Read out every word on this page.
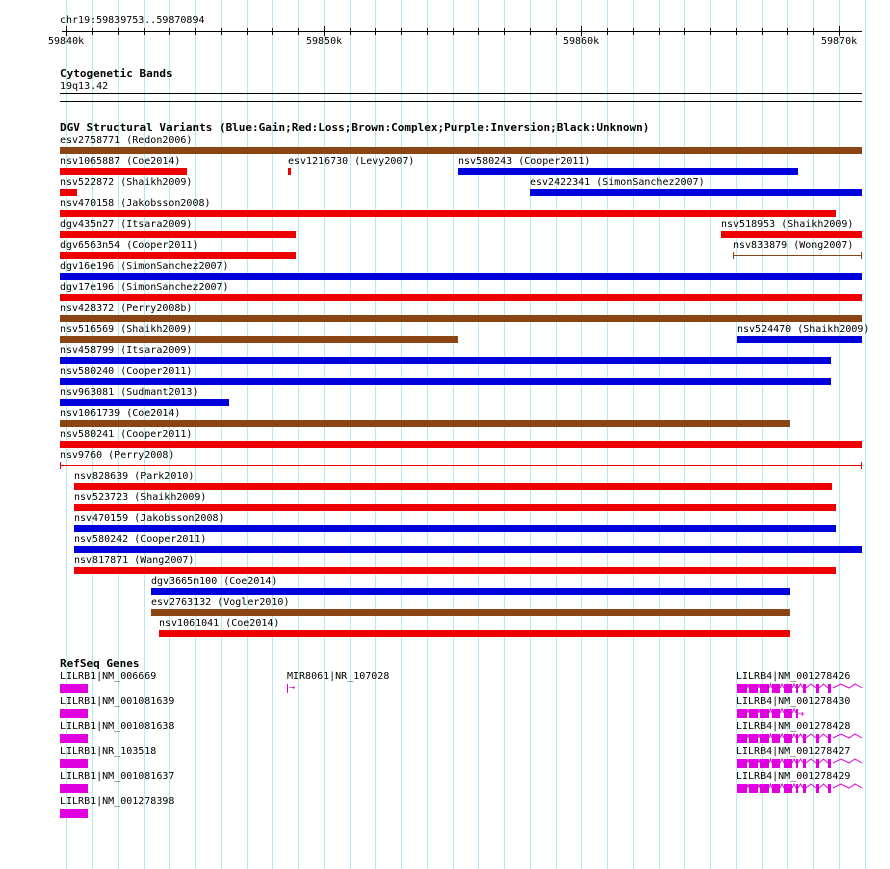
chr19:59839753..59870894
59840k	59850k	59860k	59870k
Cytogenetic Bands
19q13.42
DGV Structural Variants (Blue:Gain;Red:Loss;Brown:Complex;Purple:Inversion;Black:Unknown)
esv2758771 (Redon2006)
nsv1065887 (Coe2014)	esv1216730 (Levy2007)	nsv580243 (Cooper2011)
nsv522872 (Shaikh2009)	esv2422341 (SimonSanchez2007)
nsv470158 (Jakobsson2008)
dgv435n27 (Itsara2009)	nsv518953 (Shaikh2009)
dgv6563n54 (Cooper2011)	nsv833879 (Wong2007)
dgv16e196 (SimonSanchez2007)
dgv17e196 (SimonSanchez2007)
nsv428372 (Perry2008b)
nsv516569 (Shaikh2009)	nsv524470 (Shaikh2009)
nsv458799 (Itsara2009)
nsv580240 (Cooper2011)
nsv963081 (Sudmant2013)
nsv1061739 (Coe2014)
nsv580241 (Cooper2011)
nsv9760 (Perry2008)
nsv828639 (Park2010)
nsv523723 (Shaikh2009)
nsv470159 (Jakobsson2008)
nsv580242 (Cooper2011)
nsv817871 (Wang2007)
dgv3665n100 (Coe2014)
esv2763132 (Vogler2010)
nsv1061041 (Coe2014)
RefSeq Genes
LILRB1|NM_006669
LILRB1|NM_001081639
LILRB1|NM_001081638
LILRB1|NR_103518
LILRB1|NM_001081637
LILRB1|NM_001278398
MIR8061|NR_107028
→
LILRB4|NM_001278426
LILRB4|NM_001278430
→
LILRB4|NM_001278428
LILRB4|NM_001278427
LILRB4|NM_001278429
